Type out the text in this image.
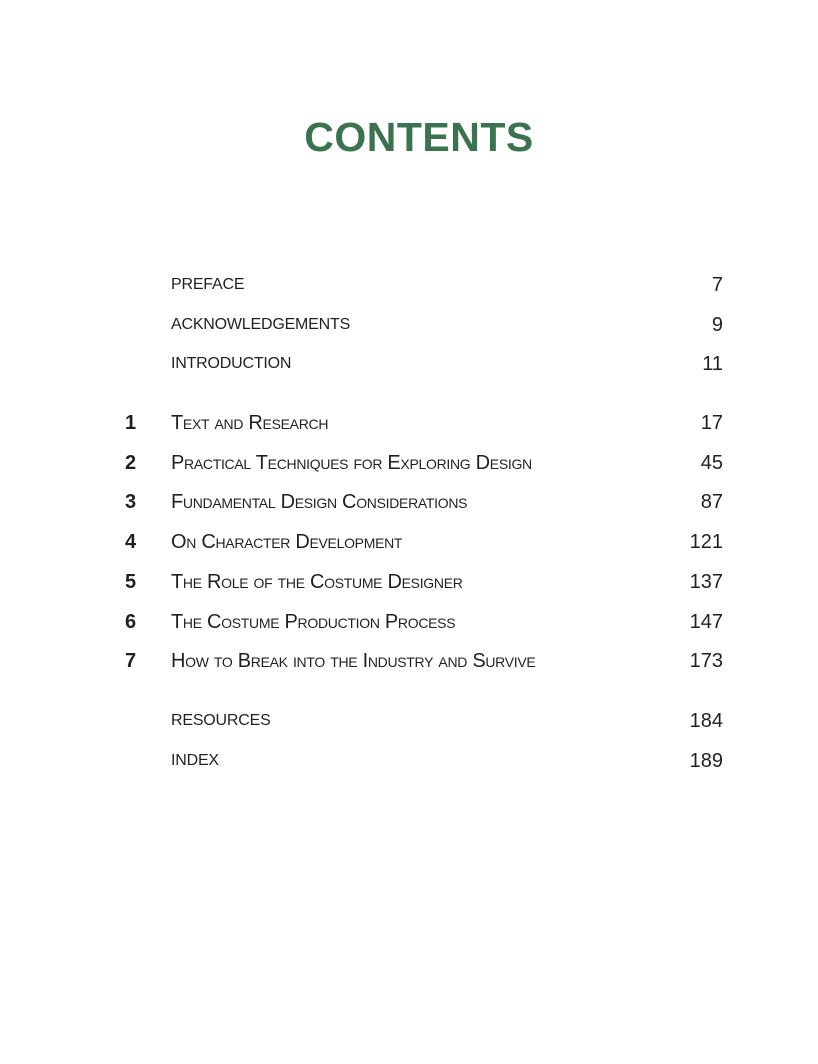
CONTENTS
PREFACE	7
ACKNOWLEDGEMENTS	9
INTRODUCTION	11
1 Text and Research	17
2 Practical Techniques for Exploring Design	45
3 Fundamental Design Considerations	87
4 On Character Development	121
5 The Role of the Costume Designer	137
6 The Costume Production Process	147
7 How to Break into the Industry and Survive	173
RESOURCES	184
INDEX	189
